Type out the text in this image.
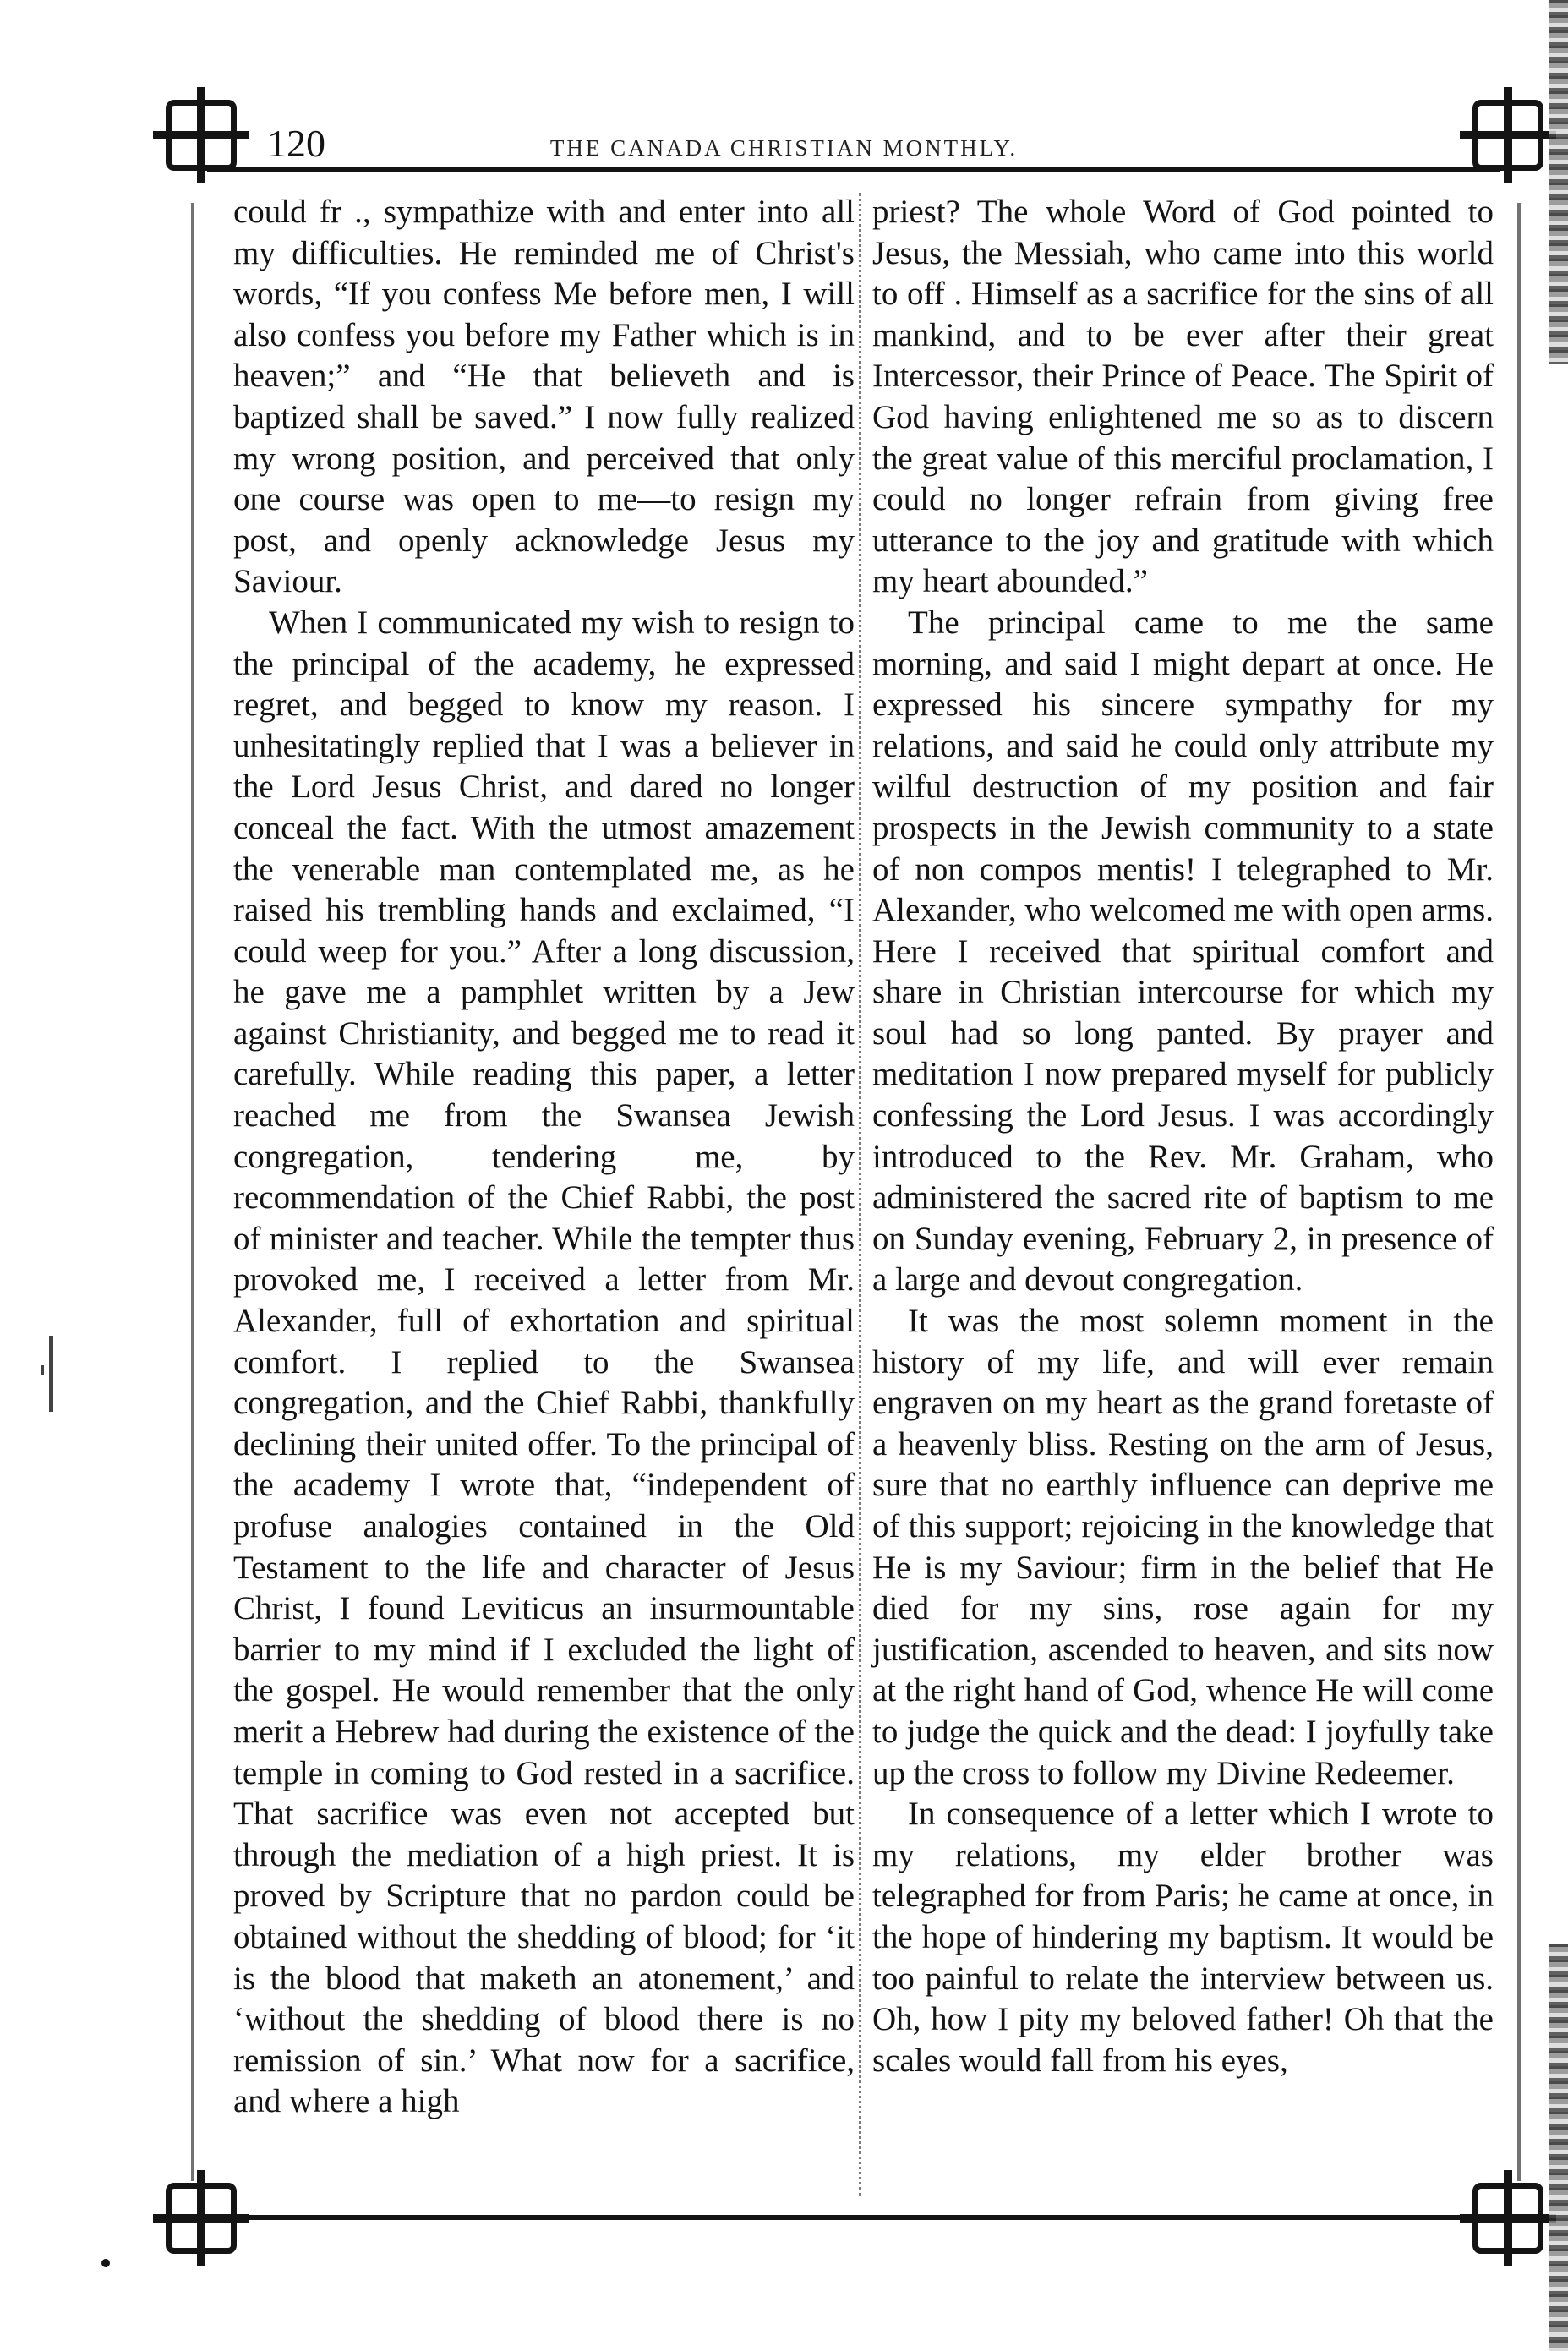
120	THE CANADA CHRISTIAN MONTHLY.

could fr ., sympathize with and enter into all my difficulties. He reminded me of Christ's words, “If you confess Me before men, I will also confess you before my Father which is in heaven;” and “He that believeth and is baptized shall be saved.” I now fully realized my wrong position, and perceived that only one course was open to me—to resign my post, and openly acknowledge Jesus my Saviour.

When I communicated my wish to resign to the principal of the academy, he expressed regret, and begged to know my reason. I unhesitatingly replied that I was a believer in the Lord Jesus Christ, and dared no longer conceal the fact. With the utmost amazement the venerable man contemplated me, as he raised his trembling hands and exclaimed, “I could weep for you.” After a long discussion, he gave me a pamphlet written by a Jew against Christianity, and begged me to read it carefully. While reading this paper, a letter reached me from the Swansea Jewish congregation, tendering me, by recommendation of the Chief Rabbi, the post of minister and teacher. While the tempter thus provoked me, I received a letter from Mr. Alexander, full of exhortation and spiritual comfort. I replied to the Swansea congregation, and the Chief Rabbi, thankfully declining their united offer. To the principal of the academy I wrote that, “independent of profuse analogies contained in the Old Testament to the life and character of Jesus Christ, I found Leviticus an insurmountable barrier to my mind if I excluded the light of the gospel. He would remember that the only merit a Hebrew had during the existence of the temple in coming to God rested in a sacrifice. That sacrifice was even not accepted but through the mediation of a high priest. It is proved by Scripture that no pardon could be obtained without the shedding of blood; for ‘it is the blood that maketh an atonement,’ and ‘without the shedding of blood there is no remission of sin.’ What now for a sacrifice, and where a high

priest? The whole Word of God pointed to Jesus, the Messiah, who came into this world to off . Himself as a sacrifice for the sins of all mankind, and to be ever after their great Intercessor, their Prince of Peace. The Spirit of God having enlightened me so as to discern the great value of this merciful proclamation, I could no longer refrain from giving free utterance to the joy and gratitude with which my heart abounded.”

The principal came to me the same morning, and said I might depart at once. He expressed his sincere sympathy for my relations, and said he could only attribute my wilful destruction of my position and fair prospects in the Jewish community to a state of non compos mentis! I telegraphed to Mr. Alexander, who welcomed me with open arms. Here I received that spiritual comfort and share in Christian intercourse for which my soul had so long panted. By prayer and meditation I now prepared myself for publicly confessing the Lord Jesus. I was accordingly introduced to the Rev. Mr. Graham, who administered the sacred rite of baptism to me on Sunday evening, February 2, in presence of a large and devout congregation.

It was the most solemn moment in the history of my life, and will ever remain engraven on my heart as the grand foretaste of a heavenly bliss. Resting on the arm of Jesus, sure that no earthly influence can deprive me of this support; rejoicing in the knowledge that He is my Saviour; firm in the belief that He died for my sins, rose again for my justification, ascended to heaven, and sits now at the right hand of God, whence He will come to judge the quick and the dead: I joyfully take up the cross to follow my Divine Redeemer.

In consequence of a letter which I wrote to my relations, my elder brother was telegraphed for from Paris; he came at once, in the hope of hindering my baptism. It would be too painful to relate the interview between us. Oh, how I pity my beloved father! Oh that the scales would fall from his eyes,
